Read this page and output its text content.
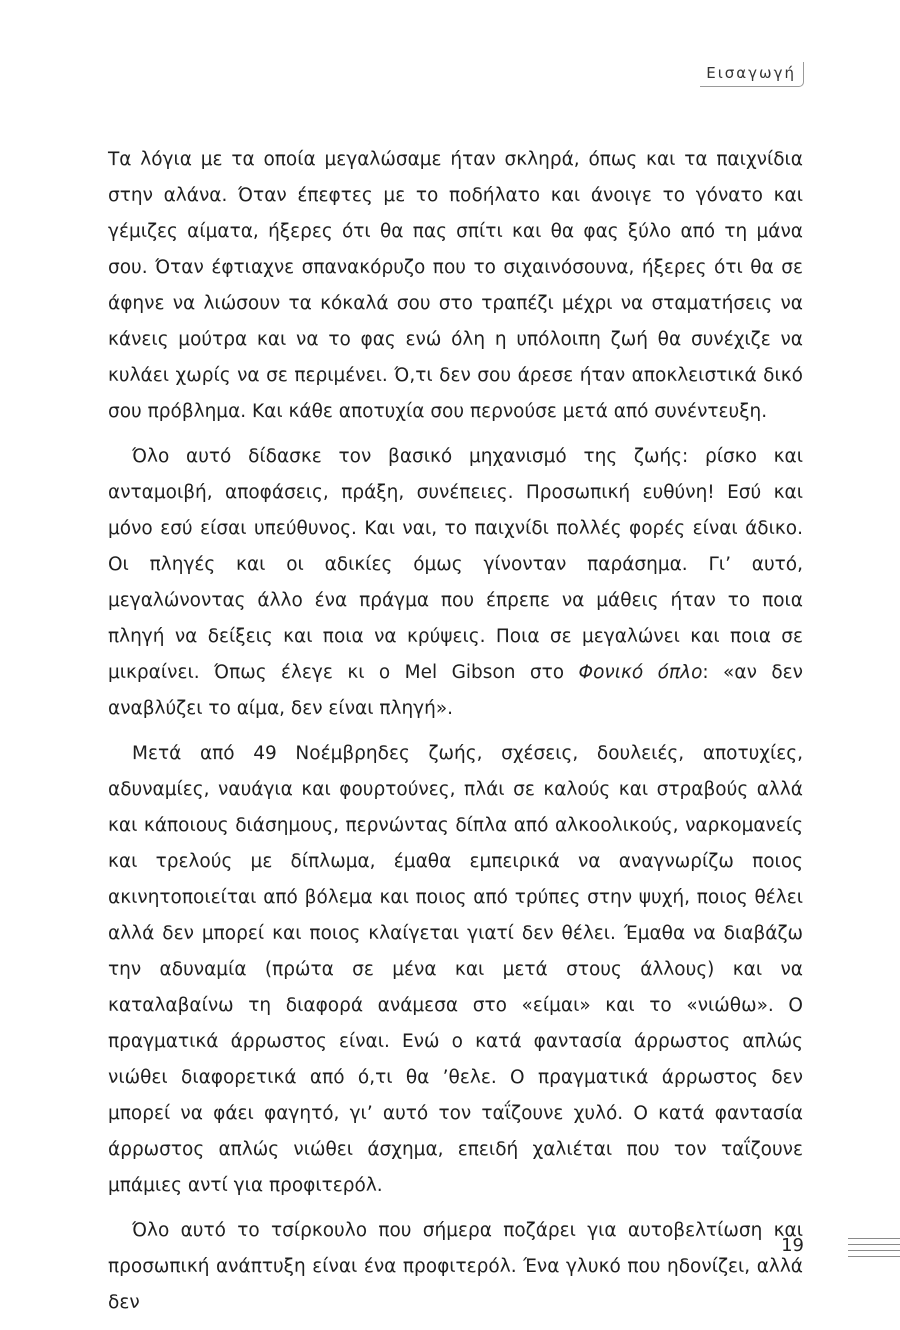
Εισαγωγή

Τα λόγια με τα οποία μεγαλώσαμε ήταν σκληρά, όπως και τα παιχνίδια στην αλάνα. Όταν έπεφτες με το ποδήλατο και άνοιγε το γόνατο και γέμιζες αίματα, ήξερες ότι θα πας σπίτι και θα φας ξύλο από τη μάνα σου. Όταν έφτιαχνε σπανακόρυζο που το σιχαινόσουνα, ήξερες ότι θα σε άφηνε να λιώσουν τα κόκαλά σου στο τραπέζι μέχρι να σταματήσεις να κάνεις μούτρα και να το φας ενώ όλη η υπόλοιπη ζωή θα συνέχιζε να κυλάει χωρίς να σε περιμένει. Ό,τι δεν σου άρεσε ήταν αποκλειστικά δικό σου πρόβλημα. Και κάθε αποτυχία σου περνούσε μετά από συνέντευξη.

Όλο αυτό δίδασκε τον βασικό μηχανισμό της ζωής: ρίσκο και ανταμοιβή, αποφάσεις, πράξη, συνέπειες. Προσωπική ευθύνη! Εσύ και μόνο εσύ είσαι υπεύθυνος. Και ναι, το παιχνίδι πολλές φορές είναι άδικο. Οι πληγές και οι αδικίες όμως γίνονταν παράσημα. Γι’ αυτό, μεγαλώνοντας άλλο ένα πράγμα που έπρεπε να μάθεις ήταν το ποια πληγή να δείξεις και ποια να κρύψεις. Ποια σε μεγαλώνει και ποια σε μικραίνει. Όπως έλεγε κι ο Mel Gibson στο Φονικό όπλο: «αν δεν αναβλύζει το αίμα, δεν είναι πληγή».

Μετά από 49 Νοέμβρηδες ζωής, σχέσεις, δουλειές, αποτυχίες, αδυναμίες, ναυάγια και φουρτούνες, πλάι σε καλούς και στραβούς αλλά και κάποιους διάσημους, περνώντας δίπλα από αλκοολικούς, ναρκομανείς και τρελούς με δίπλωμα, έμαθα εμπειρικά να αναγνωρίζω ποιος ακινητοποιείται από βόλεμα και ποιος από τρύπες στην ψυχή, ποιος θέλει αλλά δεν μπορεί και ποιος κλαίγεται γιατί δεν θέλει. Έμαθα να διαβάζω την αδυναμία (πρώτα σε μένα και μετά στους άλλους) και να καταλαβαίνω τη διαφορά ανάμεσα στο «είμαι» και το «νιώθω». Ο πραγματικά άρρωστος είναι. Ενώ ο κατά φαντασία άρρωστος απλώς νιώθει διαφορετικά από ό,τι θα ’θελε. Ο πραγματικά άρρωστος δεν μπορεί να φάει φαγητό, γι’ αυτό τον ταΐζουνε χυλό. Ο κατά φαντασία άρρωστος απλώς νιώθει άσχημα, επειδή χαλιέται που τον ταΐζουνε μπάμιες αντί για προφιτερόλ.

Όλο αυτό το τσίρκουλο που σήμερα ποζάρει για αυτοβελτίωση και προσωπική ανάπτυξη είναι ένα προφιτερόλ. Ένα γλυκό που ηδονίζει, αλλά δεν

19
